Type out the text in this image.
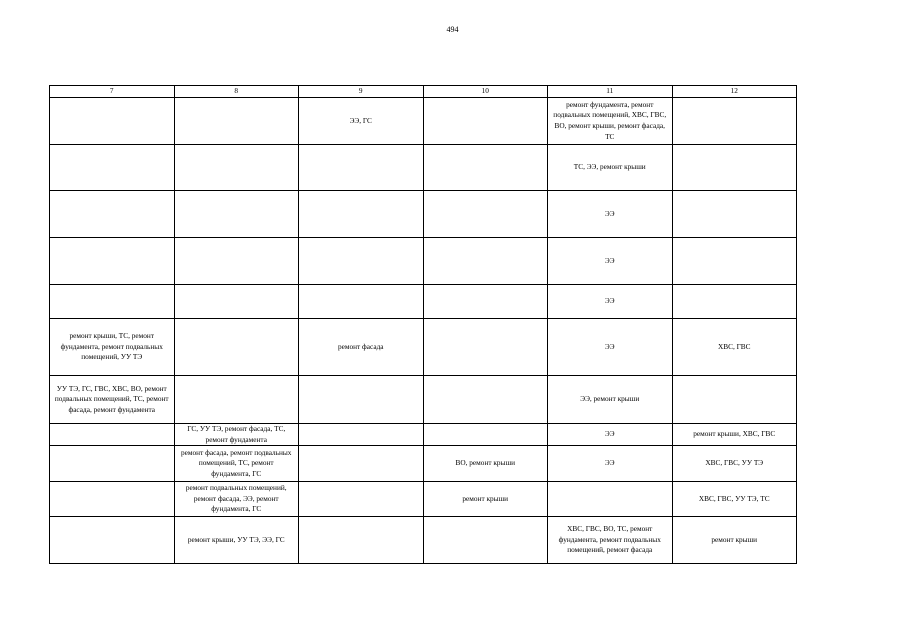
494
7	8	9	10	11	12
		ЭЭ, ГС		ремонт фундамента, ремонт подвальных помещений, ХВС, ГВС, ВО, ремонт крыши, ремонт фасада, ТС	
				ТС, ЭЭ, ремонт крыши	
				ЭЭ	
				ЭЭ	
				ЭЭ	
ремонт крыши, ТС, ремонт фундамента, ремонт подвальных помещений, УУ ТЭ		ремонт фасада		ЭЭ	ХВС, ГВС
УУ ТЭ, ГС, ГВС, ХВС, ВО, ремонт подвальных помещений, ТС, ремонт фасада, ремонт фундамента				ЭЭ, ремонт крыши	
	ГС, УУ ТЭ, ремонт фасада, ТС, ремонт фундамента			ЭЭ	ремонт крыши, ХВС, ГВС
	ремонт фасада, ремонт подвальных помещений, ТС, ремонт фундамента, ГС		ВО, ремонт крыши	ЭЭ	ХВС, ГВС, УУ ТЭ
	ремонт подвальных помещений, ремонт фасада, ЭЭ, ремонт фундамента, ГС		ремонт крыши		ХВС, ГВС, УУ ТЭ, ТС
	ремонт крыши, УУ ТЭ, ЭЭ, ГС			ХВС, ГВС, ВО, ТС, ремонт фундамента, ремонт подвальных помещений, ремонт фасада	ремонт крыши
